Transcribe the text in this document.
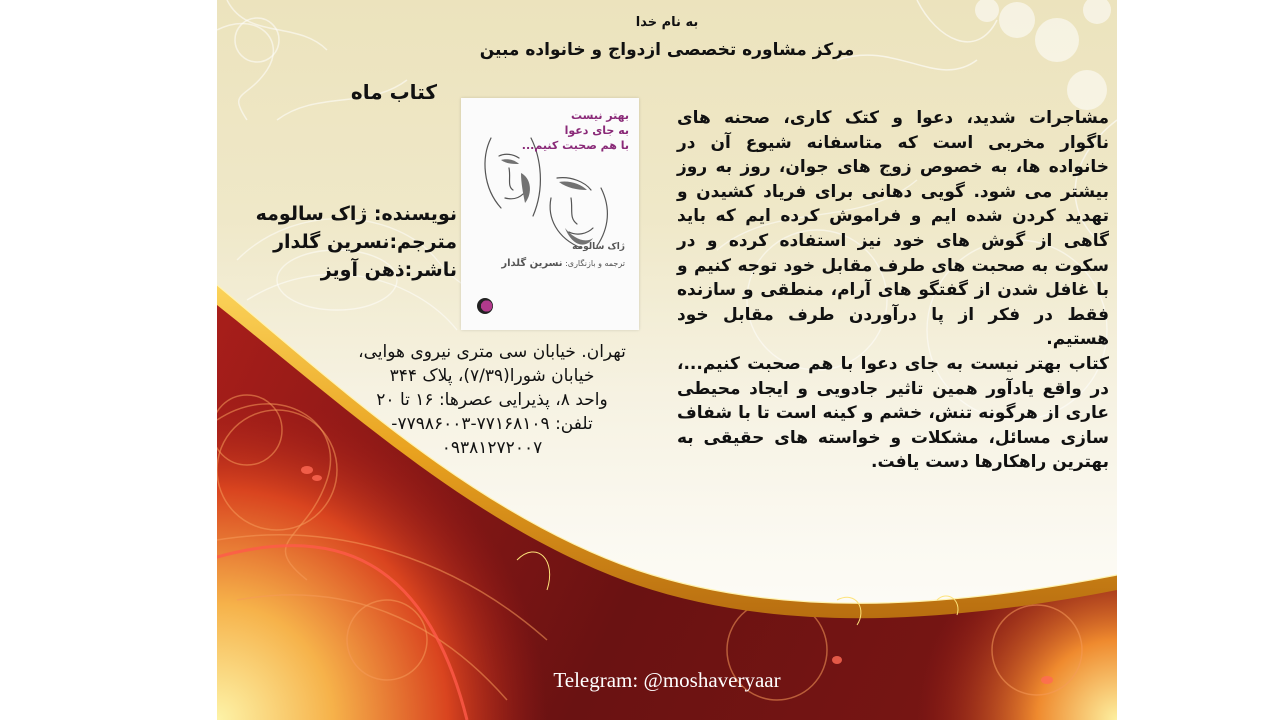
به نام خدا
مرکز مشاوره تخصصی ازدواج و خانواده مبین
کتاب ماه
نویسنده: ژاک سالومه
مترجم:نسرین گلدار
ناشر:ذهن آویز
بهتر نیست
به جای دعوا
با هم صحبت کنیم...
ژاک سالومه
ترجمه و بازنگاری: نسرین گلدار
تهران. خیابان سی متری نیروی هوایی،
خیابان شورا(۷/۳۹)، پلاک ۳۴۴
واحد ۸، پذیرایی عصرها: ۱۶ تا ۲۰
تلفن: ۷۷۱۶۸۱۰۹-۷۷۹۸۶۰۰۳-
۰۹۳۸۱۲۷۲۰۰۷

مشاجرات شدید، دعوا و کتک کاری، صحنه های ناگوار مخربی است که متاسفانه شیوع آن در خانواده ها، به خصوص زوج های جوان، روز به روز بیشتر می شود. گویی دهانی برای فریاد کشیدن و تهدید کردن شده ایم و فراموش کرده ایم که باید گاهی از گوش های خود نیز استفاده کرده و در سکوت به صحبت های طرف مقابل خود توجه کنیم و با غافل شدن از گفتگو های آرام، منطقی و سازنده فقط در فکر از پا درآوردن طرف مقابل خود هستیم.

کتاب بهتر نیست به جای دعوا با هم صحبت کنیم...، در واقع یادآور همین تاثیر جادویی و ایجاد محیطی عاری از هرگونه تنش، خشم و کینه است تا با شفاف سازی مسائل، مشکلات و خواسته های حقیقی به بهترین راهکارها دست یافت.

Telegram: @moshaveryaar
